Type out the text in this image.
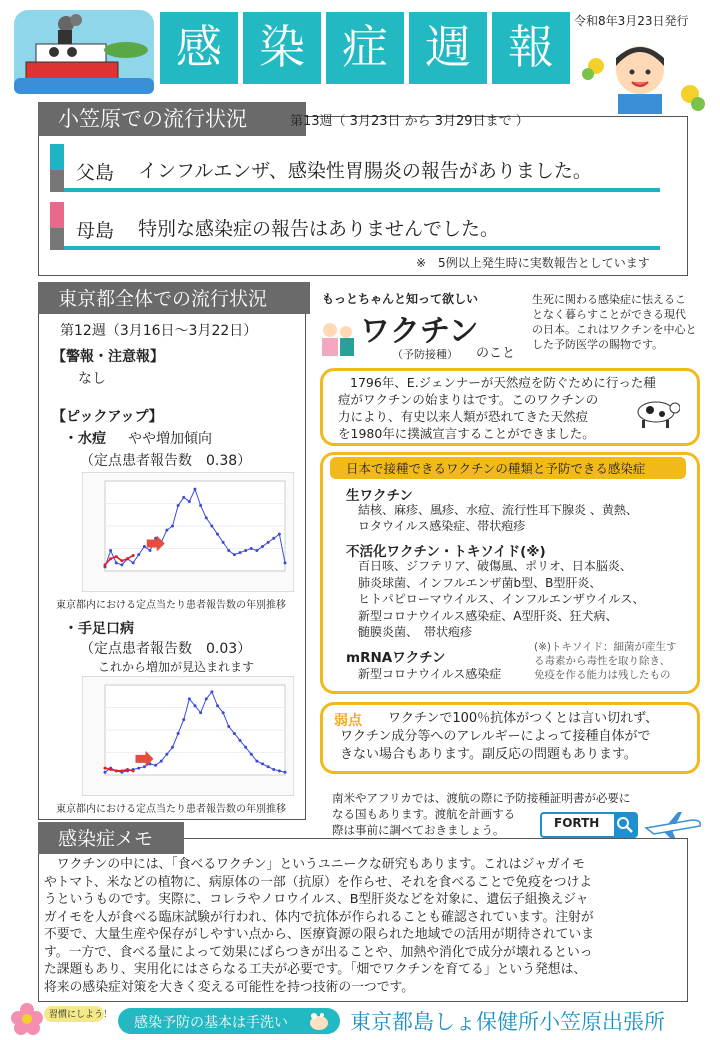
感 染 症 週 報	令和8年3月23日発行
小笠原での流行状況	第13週（ 3月23日 から 3月29日まで ）
父島 インフルエンザ、感染性胃腸炎の報告がありました。
母島 特別な感染症の報告はありませんでした。
※　5例以上発生時に実数報告としています
東京都全体での流行状況
第12週（3月16日～3月22日）
【警報・注意報】
なし
【ピックアップ】
・水痘 やや増加傾向
（定点患者報告数　0.38）
東京都内における定点当たり患者報告数の年別推移
・手足口病
（定点患者報告数　0.03）
これから増加が見込まれます
東京都内における定点当たり患者報告数の年別推移
もっとちゃんと知って欲しい
ワクチン
（予防接種） のこと
生死に関わる感染症に怯えるこ
となく暮らすことができる現代
の日本。これはワクチンを中心と
した予防医学の賜物です。
1796年、E.ジェンナーが天然痘を防ぐために行った種
痘がワクチンの始まりはです。このワクチンの
力により、有史以来人類が恐れてきた天然痘
を1980年に撲滅宣言することができました。
日本で接種できるワクチンの種類と予防できる感染症
生ワクチン
結核、麻疹、風疹、水痘、流行性耳下腺炎 、黄熱、
ロタウイルス感染症、帯状疱疹
不活化ワクチン・トキソイド(※)
百日咳、ジフテリア、破傷風、ポリオ、日本脳炎、
肺炎球菌、インフルエンザ菌b型、B型肝炎、
ヒトパピローマウイルス、インフルエンザウイルス、
新型コロナウイルス感染症、A型肝炎、狂犬病、
髄膜炎菌、　帯状疱疹
mRNAワクチン
新型コロナウイルス感染症
(※)トキソイド：細菌が産生す
る毒素から毒性を取り除き、
免疫を作る能力は残したもの
弱点	ワクチンで100％抗体がつくとは言い切れず、
ワクチン成分等へのアレルギーによって接種自体がで
きない場合もあります。副反応の問題もあります。
南米やアフリカでは、渡航の際に予防接種証明書が必要に
なる国もあります。渡航を計画する
際は事前に調べておきましょう。	FORTH
感染症メモ
　ワクチンの中には、「食べるワクチン」というユニークな研究もあります。これはジャガイモ
やトマト、米などの植物に、病原体の一部（抗原）を作らせ、それを食べることで免疫をつけよ
うというものです。実際に、コレラやノロウイルス、B型肝炎などを対象に、遺伝子組換えジャ
ガイモを人が食べる臨床試験が行われ、体内で抗体が作られることも確認されています。注射が
不要で、大量生産や保存がしやすい点から、医療資源の限られた地域での活用が期待されていま
す。一方で、食べる量によって効果にばらつきが出ることや、加熱や消化で成分が壊れるといっ
た課題もあり、実用化にはさらなる工夫が必要です。「畑でワクチンを育てる」という発想は、
将来の感染症対策を大きく変える可能性を持つ技術の一つです。
習慣にしよう！ 感染予防の基本は手洗い	東京都島しょ保健所小笠原出張所
